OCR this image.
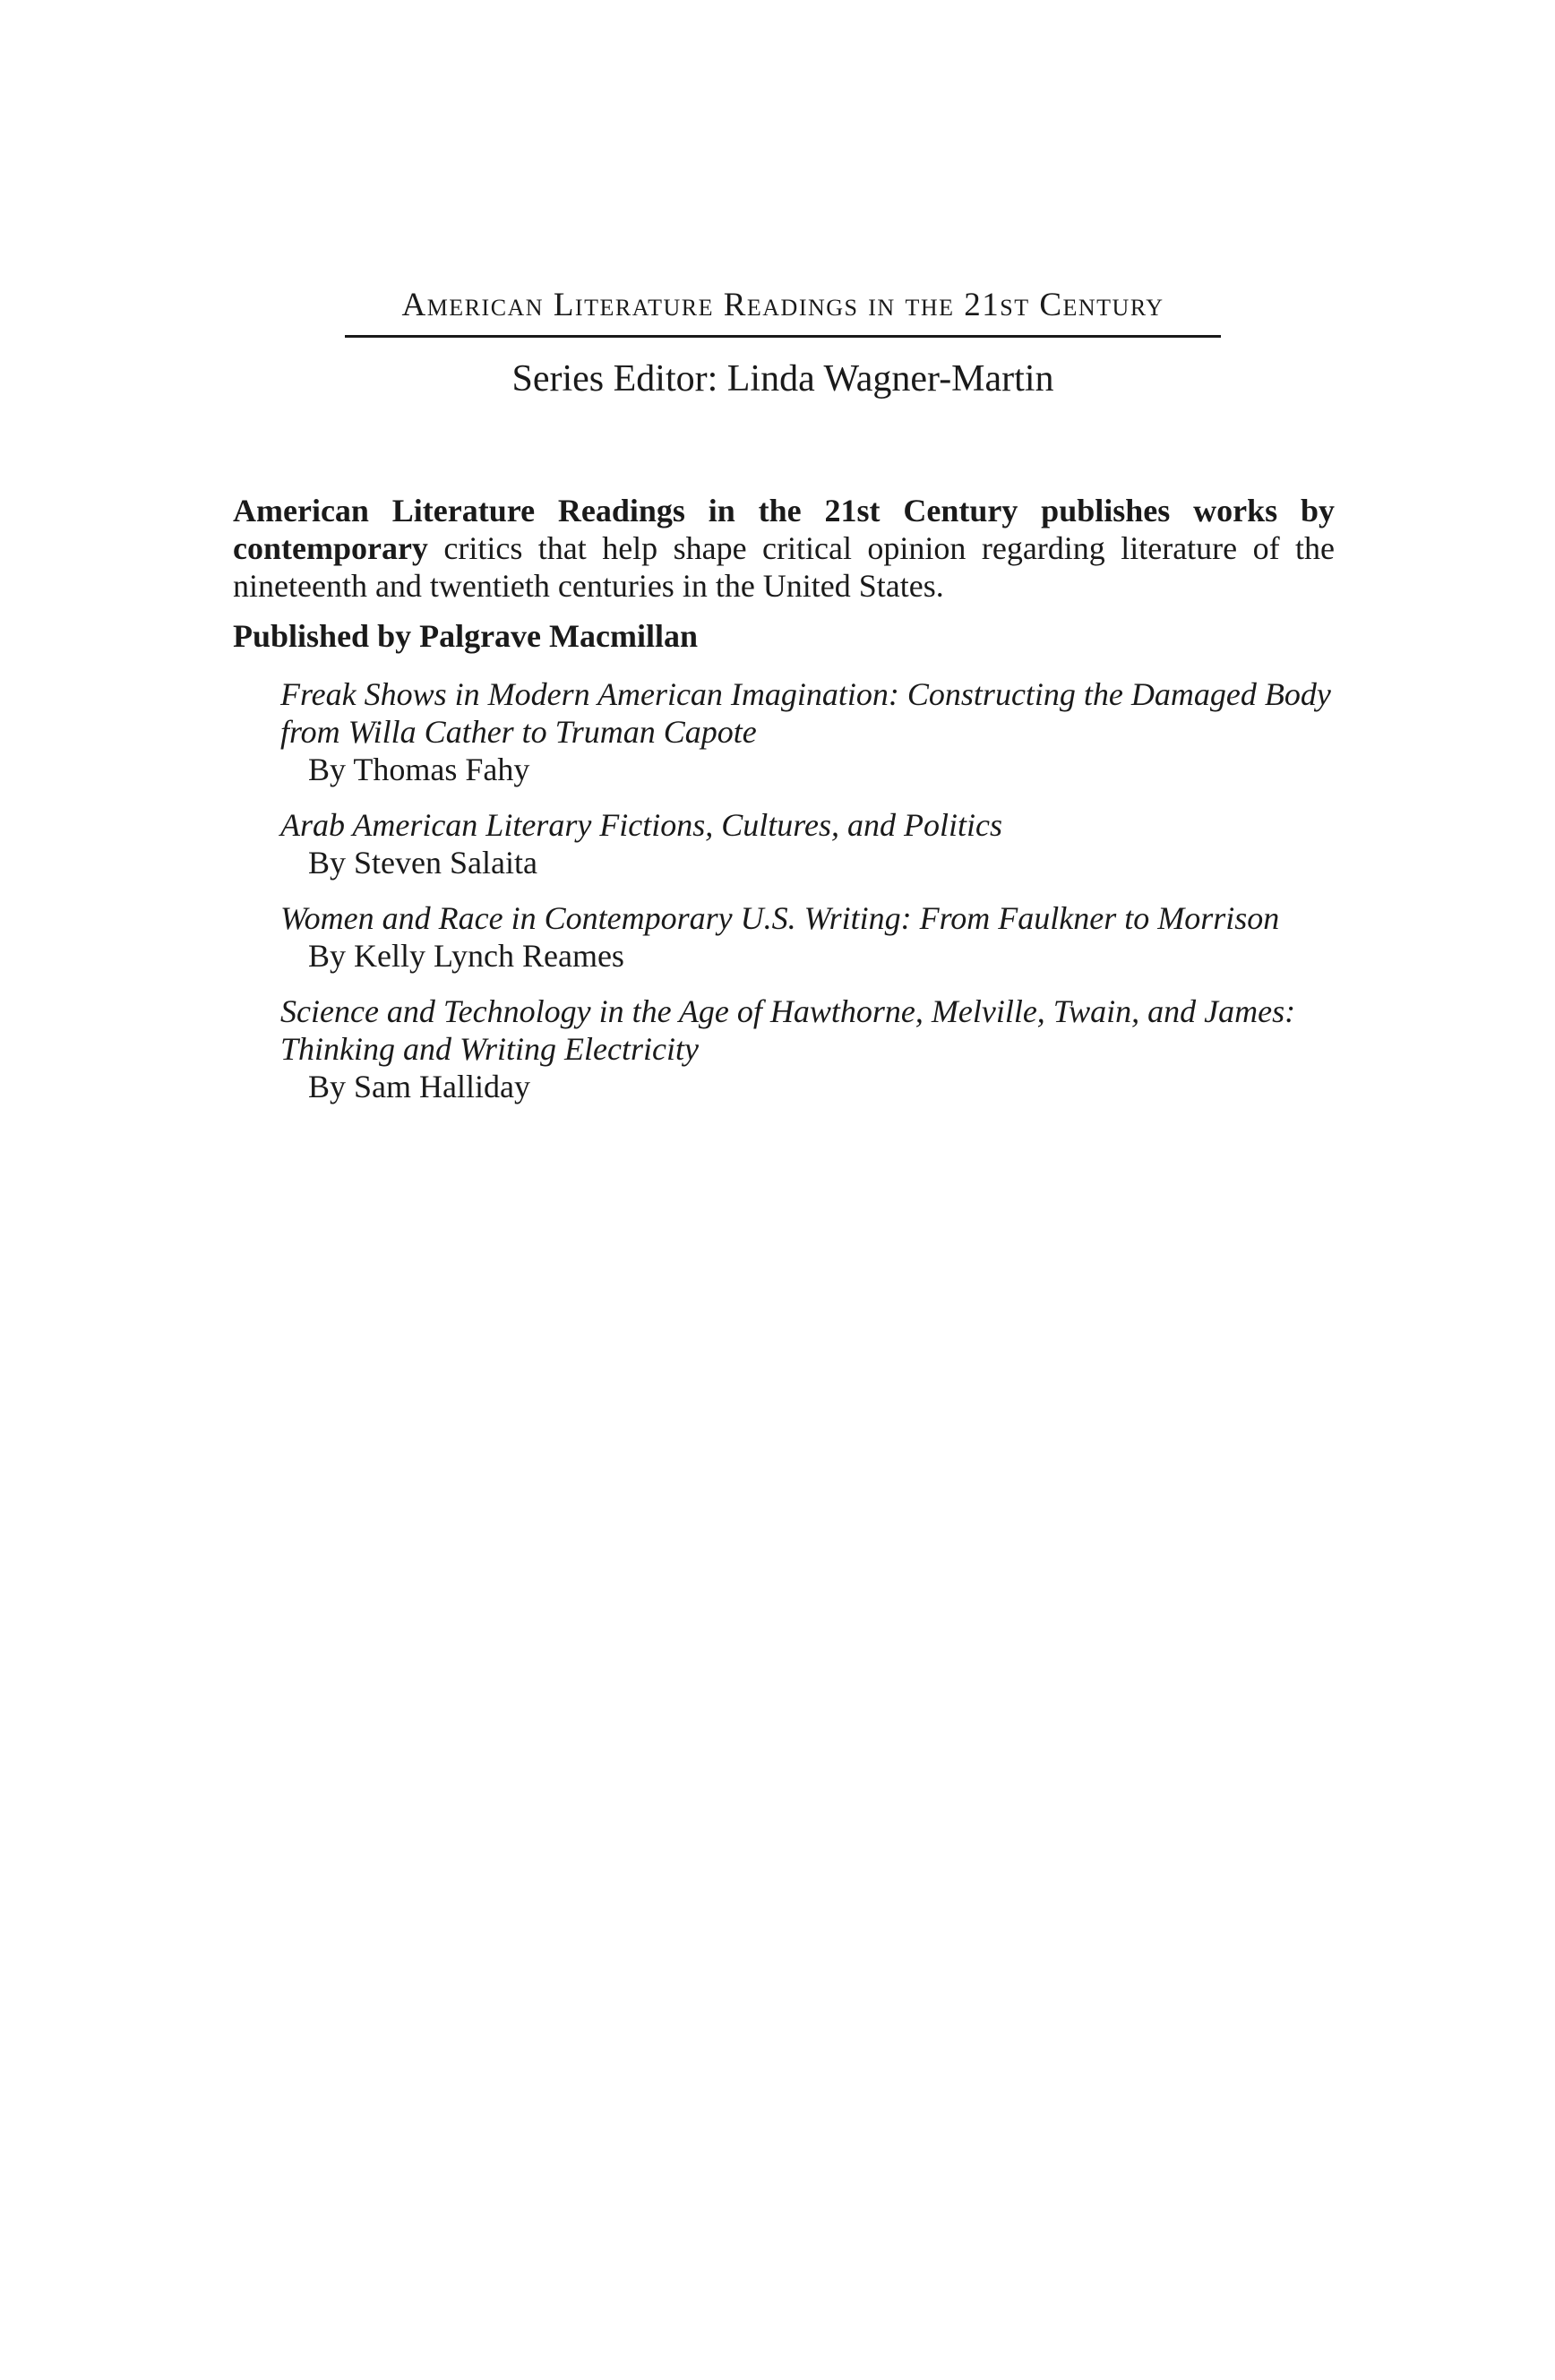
American Literature Readings in the 21st Century
Series Editor: Linda Wagner-Martin

American Literature Readings in the 21st Century publishes works by contemporary critics that help shape critical opinion regarding literature of the nineteenth and twentieth centuries in the United States.

Published by Palgrave Macmillan
Freak Shows in Modern American Imagination: Constructing the Damaged Body from Willa Cather to Truman Capote
By Thomas Fahy
Arab American Literary Fictions, Cultures, and Politics
By Steven Salaita
Women and Race in Contemporary U.S. Writing: From Faulkner to Morrison
By Kelly Lynch Reames
Science and Technology in the Age of Hawthorne, Melville, Twain, and James: Thinking and Writing Electricity
By Sam Halliday
